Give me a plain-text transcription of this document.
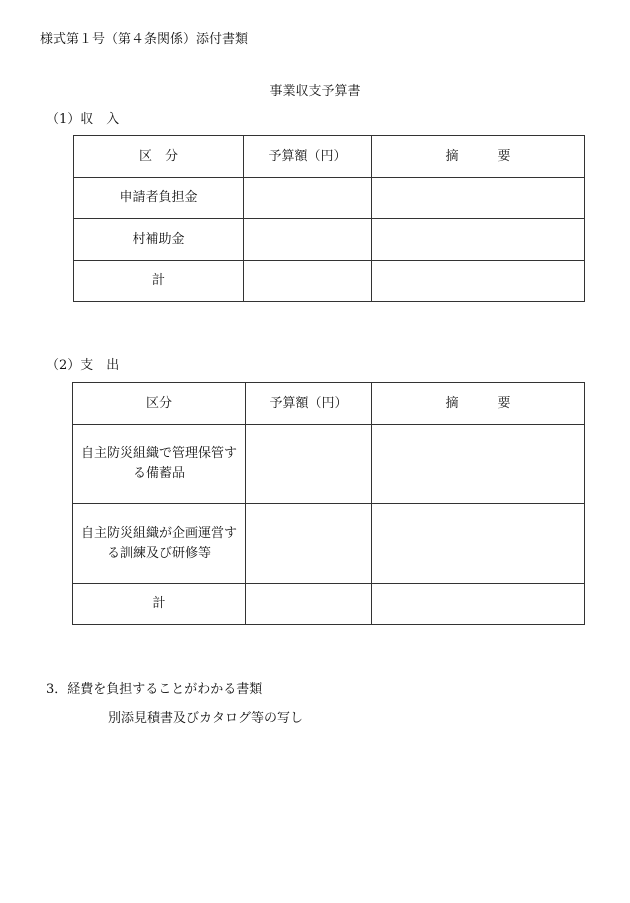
様式第１号（第４条関係）添付書類
事業収支予算書
（1）収　入
区　分	予算額（円）	摘　　　要
申請者負担金		
村補助金		
計		
（2）支　出
区分	予算額（円）	摘　　　要
自主防災組織で管理保管する備蓄品		
自主防災組織が企画運営する訓練及び研修等		
計		
3．経費を負担することがわかる書類
別添見積書及びカタログ等の写し
